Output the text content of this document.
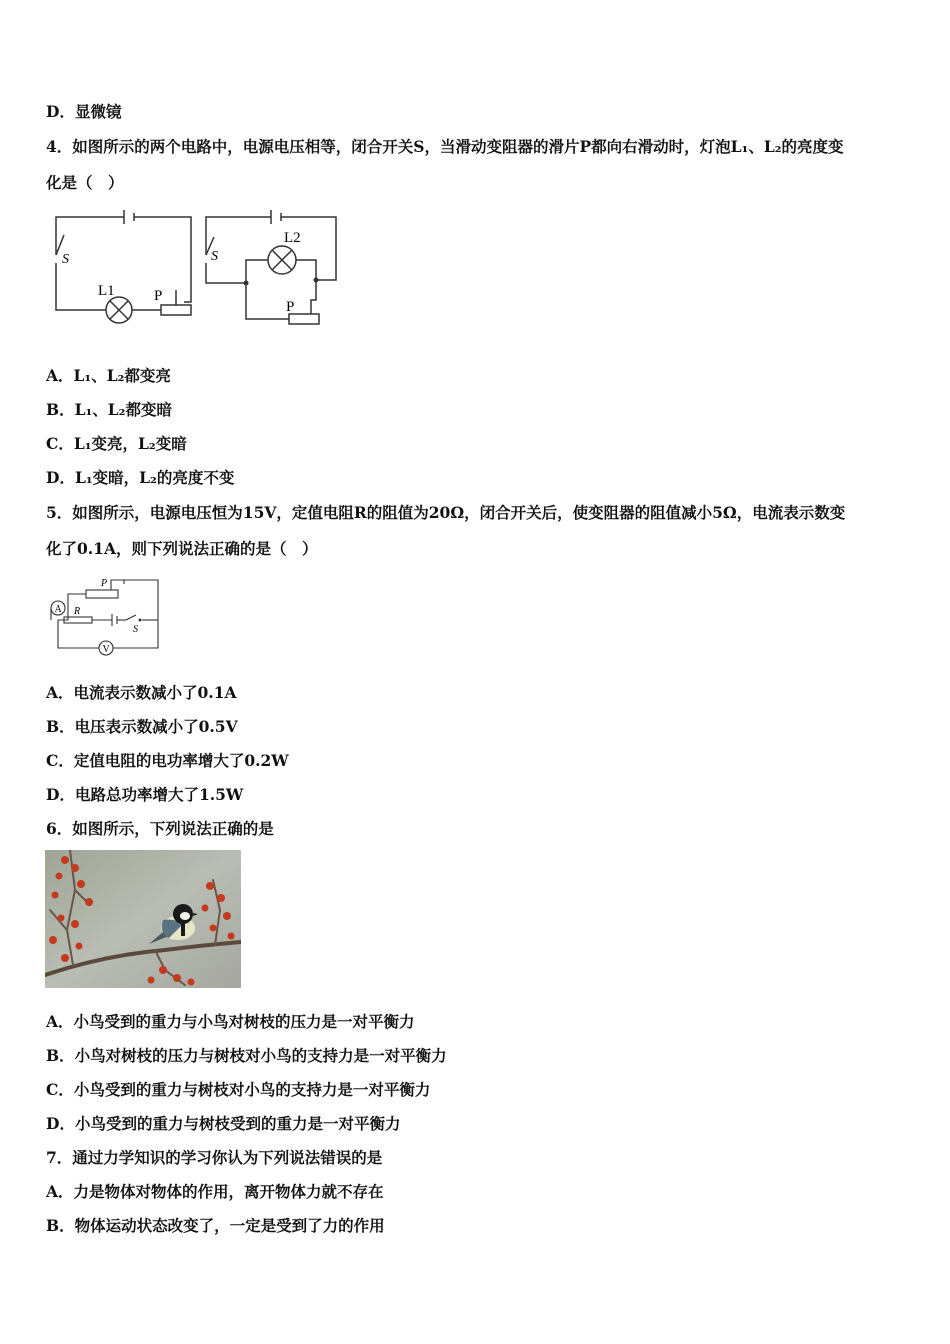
D．显微镜
4．如图所示的两个电路中，电源电压相等，闭合开关S，当滑动变阻器的滑片P都向右滑动时，灯泡L₁、L₂的亮度变
化是（　）
S
L1	P
S
L2
P
A．L₁、L₂都变亮
B．L₁、L₂都变暗
C．L₁变亮，L₂变暗
D．L₁变暗，L₂的亮度不变
5．如图所示，电源电压恒为15V，定值电阻R的阻值为20Ω，闭合开关后，使变阻器的阻值减小5Ω，电流表示数变
化了0.1A，则下列说法正确的是（　）
P
A R
S
V
A．电流表示数减小了0.1A
B．电压表示数减小了0.5V
C．定值电阻的电功率增大了0.2W
D．电路总功率增大了1.5W
6．如图所示，下列说法正确的是
A．小鸟受到的重力与小鸟对树枝的压力是一对平衡力
B．小鸟对树枝的压力与树枝对小鸟的支持力是一对平衡力
C．小鸟受到的重力与树枝对小鸟的支持力是一对平衡力
D．小鸟受到的重力与树枝受到的重力是一对平衡力
7．通过力学知识的学习你认为下列说法错误的是
A．力是物体对物体的作用，离开物体力就不存在
B．物体运动状态改变了，一定是受到了力的作用
